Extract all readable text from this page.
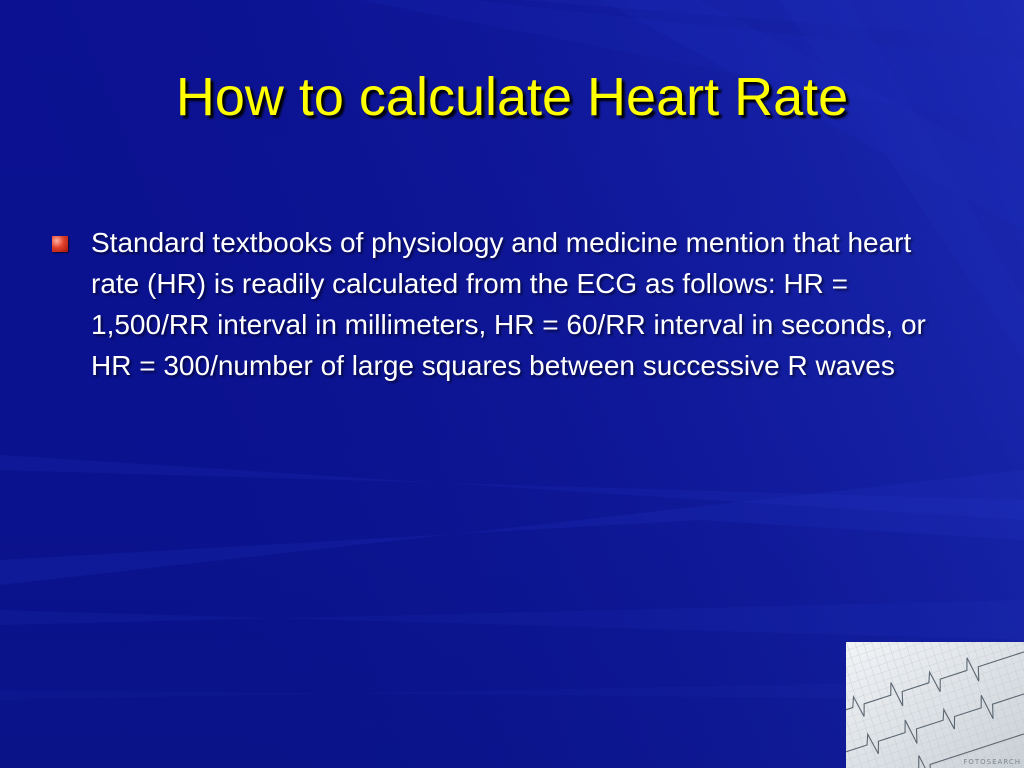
How to calculate Heart Rate
Standard textbooks of physiology and medicine mention that heart rate (HR) is readily calculated from the ECG as follows: HR = 1,500/RR interval in millimeters, HR = 60/RR interval in seconds, or HR = 300/number of large squares between successive R waves
FOTOSEARCH
